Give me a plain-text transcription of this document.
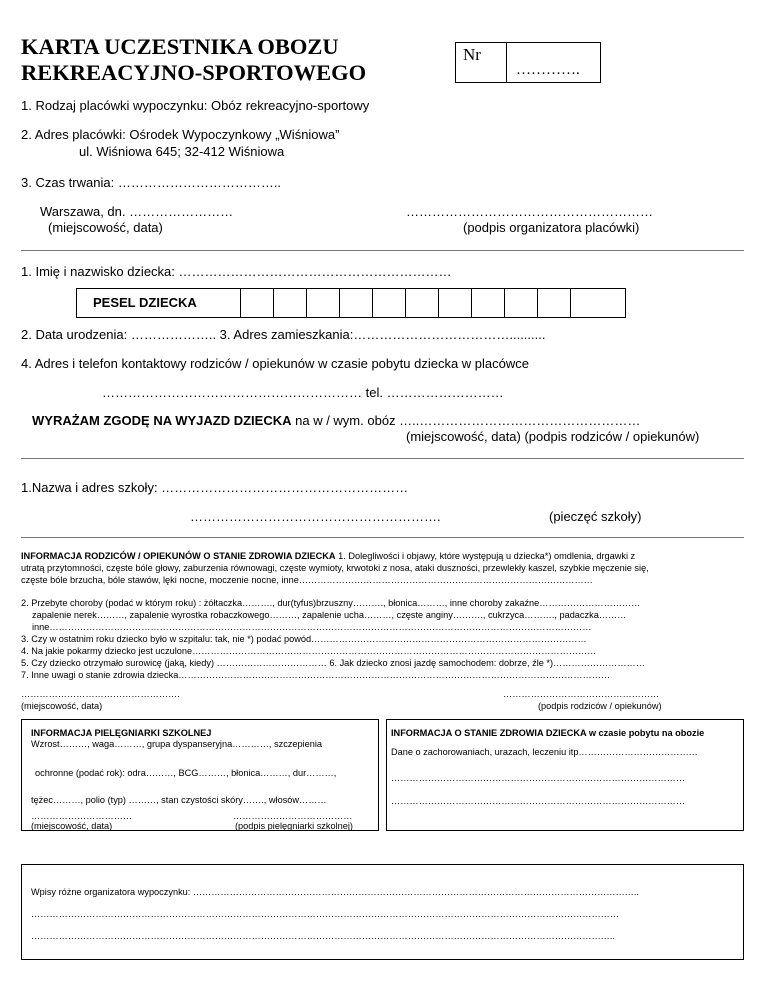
KARTA UCZESTNIKA OBOZU
REKREACYJNO-SPORTOWEGO
Nr
………….
1. Rodzaj placówki wypoczynku: Obóz rekreacyjno-sportowy
2. Adres placówki: Ośrodek Wypoczynkowy „Wiśniowa”
ul. Wiśniowa 645; 32-412 Wiśniowa
3. Czas trwania: ………………………………..
Warszawa, dn. ……………………
(miejscowość, data)
…………………………………………………
(podpis organizatora placówki)
1. Imię i nazwisko dziecka: ………………………………………………………
PESEL DZIECKA
2. Data urodzenia: ……………….. 3. Adres zamieszkania:………………………………..........
4. Adres i telefon kontaktowy rodziców / opiekunów w czasie pobytu dziecka w placówce
…………………………………………………… tel. ………………………
WYRAŻAM ZGODĘ NA WYJAZD DZIECKA na w / wym. obóz …..……………………………………………
(miejscowość, data) (podpis rodziców / opiekunów)
1.Nazwa i adres szkoły: …………………………………………………
………………………………………………….	(pieczęć szkoły)
INFORMACJA RODZICÓW / OPIEKUNÓW O STANIE ZDROWIA DZIECKA 1. Dolegliwości i objawy, które występują u dziecka*) omdlenia, drgawki z
utratą przytomności, częste bóle głowy, zaburzenia równowagi, częste wymioty, krwotoki z nosa, ataki duszności, przewlekły kaszel, szybkie męczenie się,
częste bóle brzucha, bóle stawów, lęki nocne, moczenie nocne, inne……………………………………………………………………………………
2. Przebyte choroby (podać w którym roku) : żółtaczka………., dur(tyfus)brzuszny………., błonica………, inne choroby zakaźne……………………………
zapalenie nerek………, zapalenie wyrostka robaczkowego………, zapalenie ucha………, częste anginy………., cukrzyca………., padaczka………
inne……………………………………………………………………………………………………………………………………………………………
3. Czy w ostatnim roku dziecko było w szpitalu: tak, nie *) podać powód………………………………………………………………………………
4. Na jakie pokarmy dziecko jest uczulone……………………………………………………………………………………………………………………
5. Czy dziecko otrzymało surowicę (jaką, kiedy) ……………………………… 6. Jak dziecko znosi jazdę samochodem: dobrze, źle *)…………………………
7. Inne uwagi o stanie zdrowia dziecka……………………………………………………………………………………………………………………………
…………………………………………….
(miejscowość, data)
……………………………………………
(podpis rodziców / opiekunów)
INFORMACJA PIELĘGNIARKI SZKOLNEJ
Wzrost………, waga………, grupa dyspanseryjna…………, szczepienia
ochronne (podać rok): odra………, BCG………, błonica………, dur………,
tężec………, polio (typ) ………, stan czystości skóry……., włosów………
……………………………	…………………………………
(miejscowość, data)	(podpis pielęgniarki szkolnej)
INFORMACJA O STANIE ZDROWIA DZIECKA w czasie pobytu na obozie
Dane o zachorowaniach, urazach, leczeniu itp…………………………………
……………………………………………………………………………………
……………………………………………………………………………………
Wpisy różne organizatora wypoczynku: ………………………………………………………………………………………………………………………………..
…………………………………………………………………………………………………………………………………………………………………………
………………………………………………………………………………………………………………………………………………………………………..
